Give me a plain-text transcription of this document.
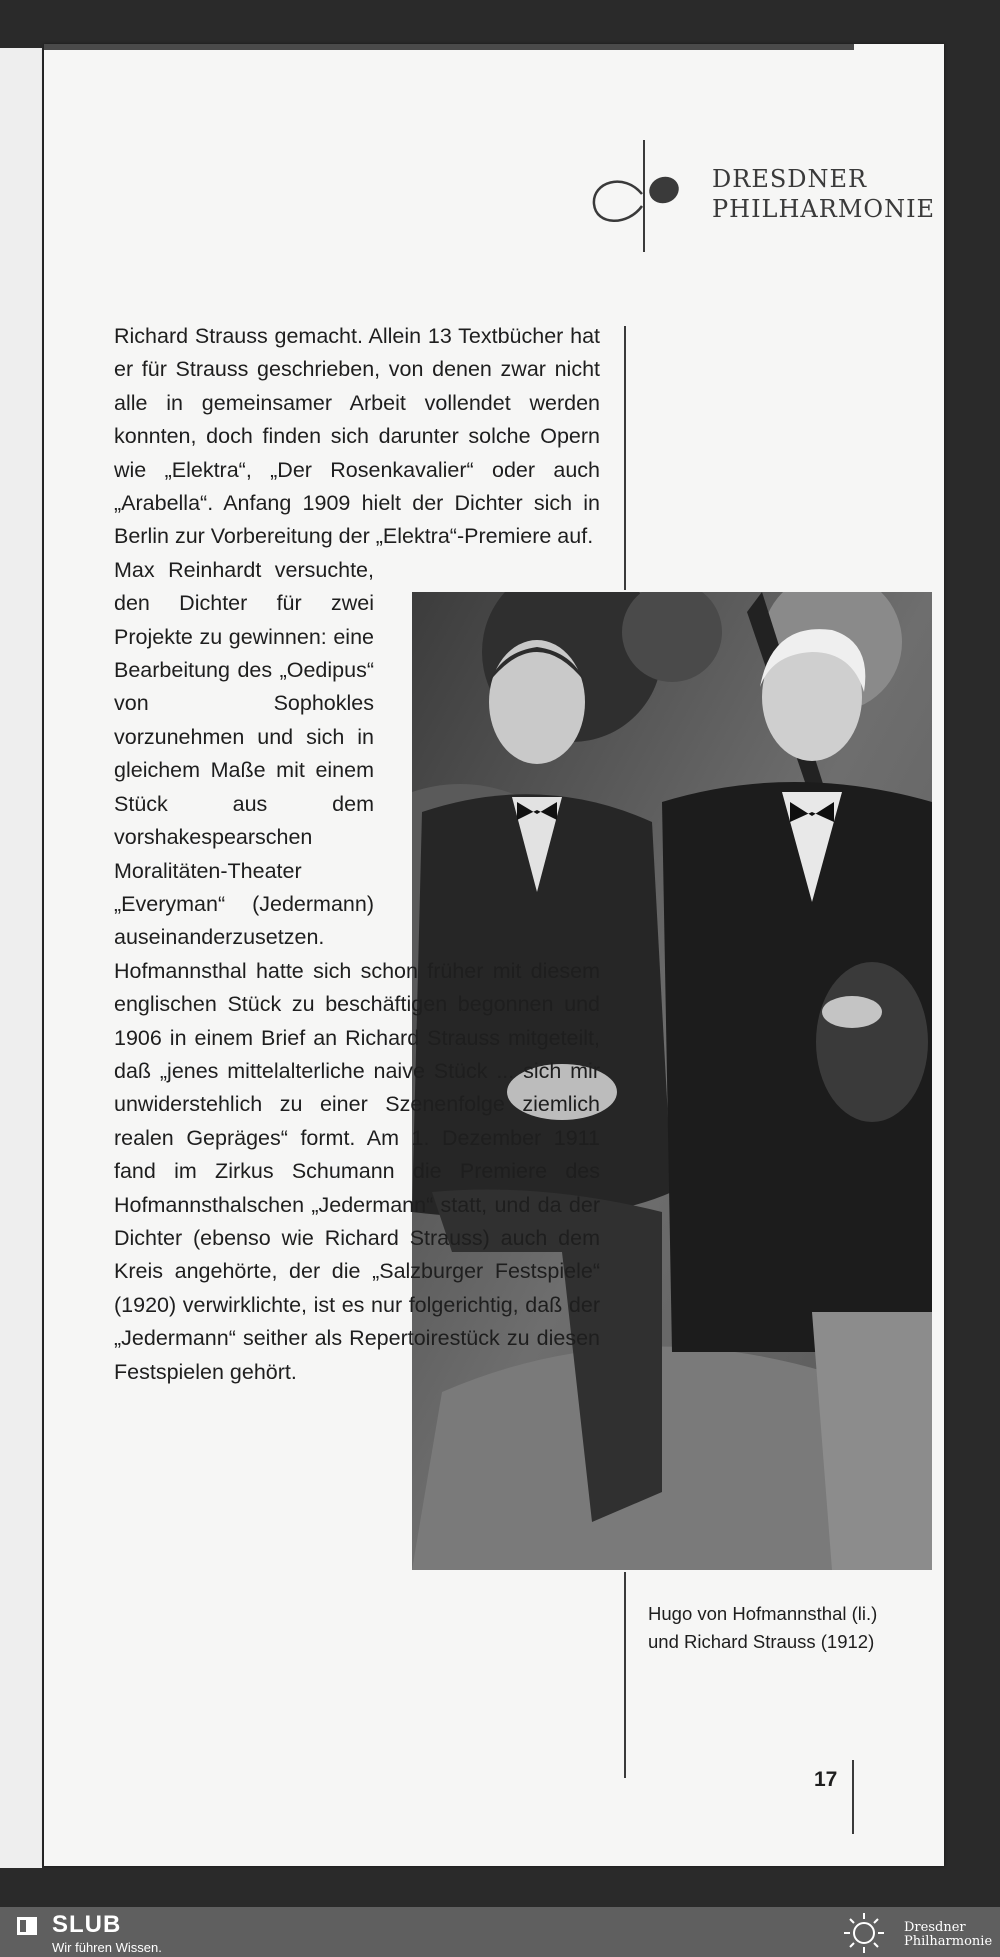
DRESDNER
PHILHARMONIE

Richard Strauss gemacht. Allein 13 Textbücher hat er für Strauss geschrieben, von denen zwar nicht alle in gemeinsamer Arbeit vollendet werden konnten, doch finden sich darunter solche Opern wie „Elektra“, „Der Rosenkavalier“ oder auch „Arabella“. Anfang 1909 hielt der Dichter sich in Berlin zur Vorbereitung der „Elektra“-Premiere auf.

Max Reinhardt versuchte, den Dichter für zwei Projekte zu gewinnen: eine Bearbeitung des „Oedipus“ von Sophokles vorzunehmen und sich in gleichem Maße mit einem Stück aus dem vorshakespearschen Moralitäten-Theater „Everyman“ (Jedermann) auseinanderzusetzen.

Hofmannsthal hatte sich schon früher mit diesem englischen Stück zu beschäftigen begonnen und 1906 in einem Brief an Richard Strauss mitgeteilt, daß „jenes mittelalterliche naive Stück ... sich mir unwiderstehlich zu einer Szenenfolge ziemlich realen Gepräges“ formt. Am 1. Dezember 1911 fand im Zirkus Schumann die Premiere des Hofmannsthalschen „Jedermann“ statt, und da der Dichter (ebenso wie Richard Strauss) auch dem Kreis angehörte, der die „Salzburger Festspiele“ (1920) verwirklichte, ist es nur folgerichtig, daß der „Jedermann“ seither als Repertoirestück zu diesen Festspielen gehört.

Hugo von Hofmannsthal (li.) und Richard Strauss (1912)
17
SLUB
Wir führen Wissen.
Dresdner
Philharmonie
